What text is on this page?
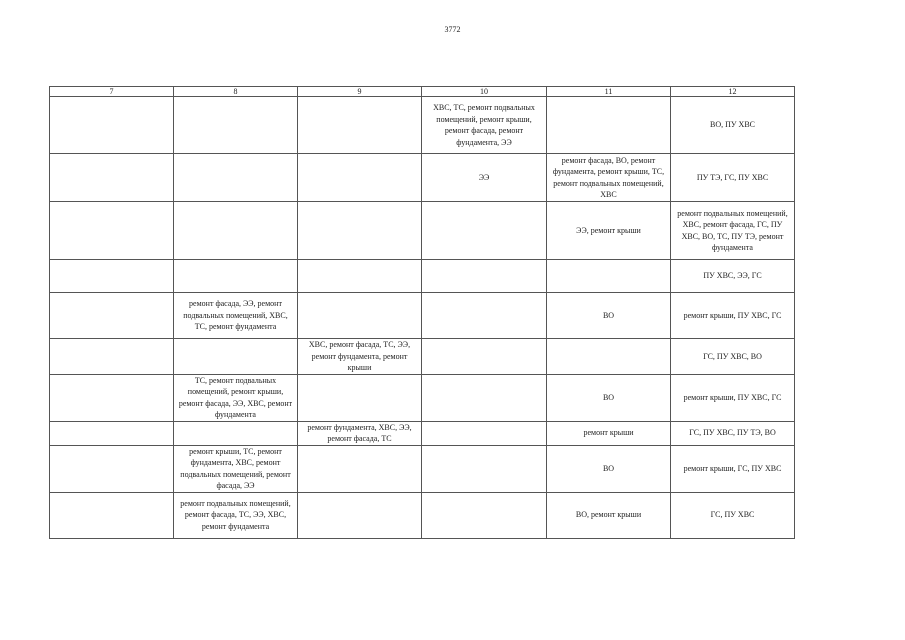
3772
7	8	9	10	11	12
			ХВС, ТС, ремонт подвальных помещений, ремонт крыши, ремонт фасада, ремонт фундамента, ЭЭ		ВО, ПУ ХВС
			ЭЭ	ремонт фасада, ВО, ремонт фундамента, ремонт крыши, ТС, ремонт подвальных помещений, ХВС	ПУ ТЭ, ГС, ПУ ХВС
				ЭЭ, ремонт крыши	ремонт подвальных помещений, ХВС, ремонт фасада, ГС, ПУ ХВС, ВО, ТС, ПУ ТЭ, ремонт фундамента
					ПУ ХВС, ЭЭ, ГС
	ремонт фасада, ЭЭ, ремонт подвальных помещений, ХВС, ТС, ремонт фундамента			ВО	ремонт крыши, ПУ ХВС, ГС
		ХВС, ремонт фасада, ТС, ЭЭ, ремонт фундамента, ремонт крыши			ГС, ПУ ХВС, ВО
	ТС, ремонт подвальных помещений, ремонт крыши, ремонт фасада, ЭЭ, ХВС, ремонт фундамента			ВО	ремонт крыши, ПУ ХВС, ГС
		ремонт фундамента, ХВС, ЭЭ, ремонт фасада, ТС		ремонт крыши	ГС, ПУ ХВС, ПУ ТЭ, ВО
	ремонт крыши, ТС, ремонт фундамента, ХВС, ремонт подвальных помещений, ремонт фасада, ЭЭ			ВО	ремонт крыши, ГС, ПУ ХВС
	ремонт подвальных помещений, ремонт фасада, ТС, ЭЭ, ХВС, ремонт фундамента			ВО, ремонт крыши	ГС, ПУ ХВС
